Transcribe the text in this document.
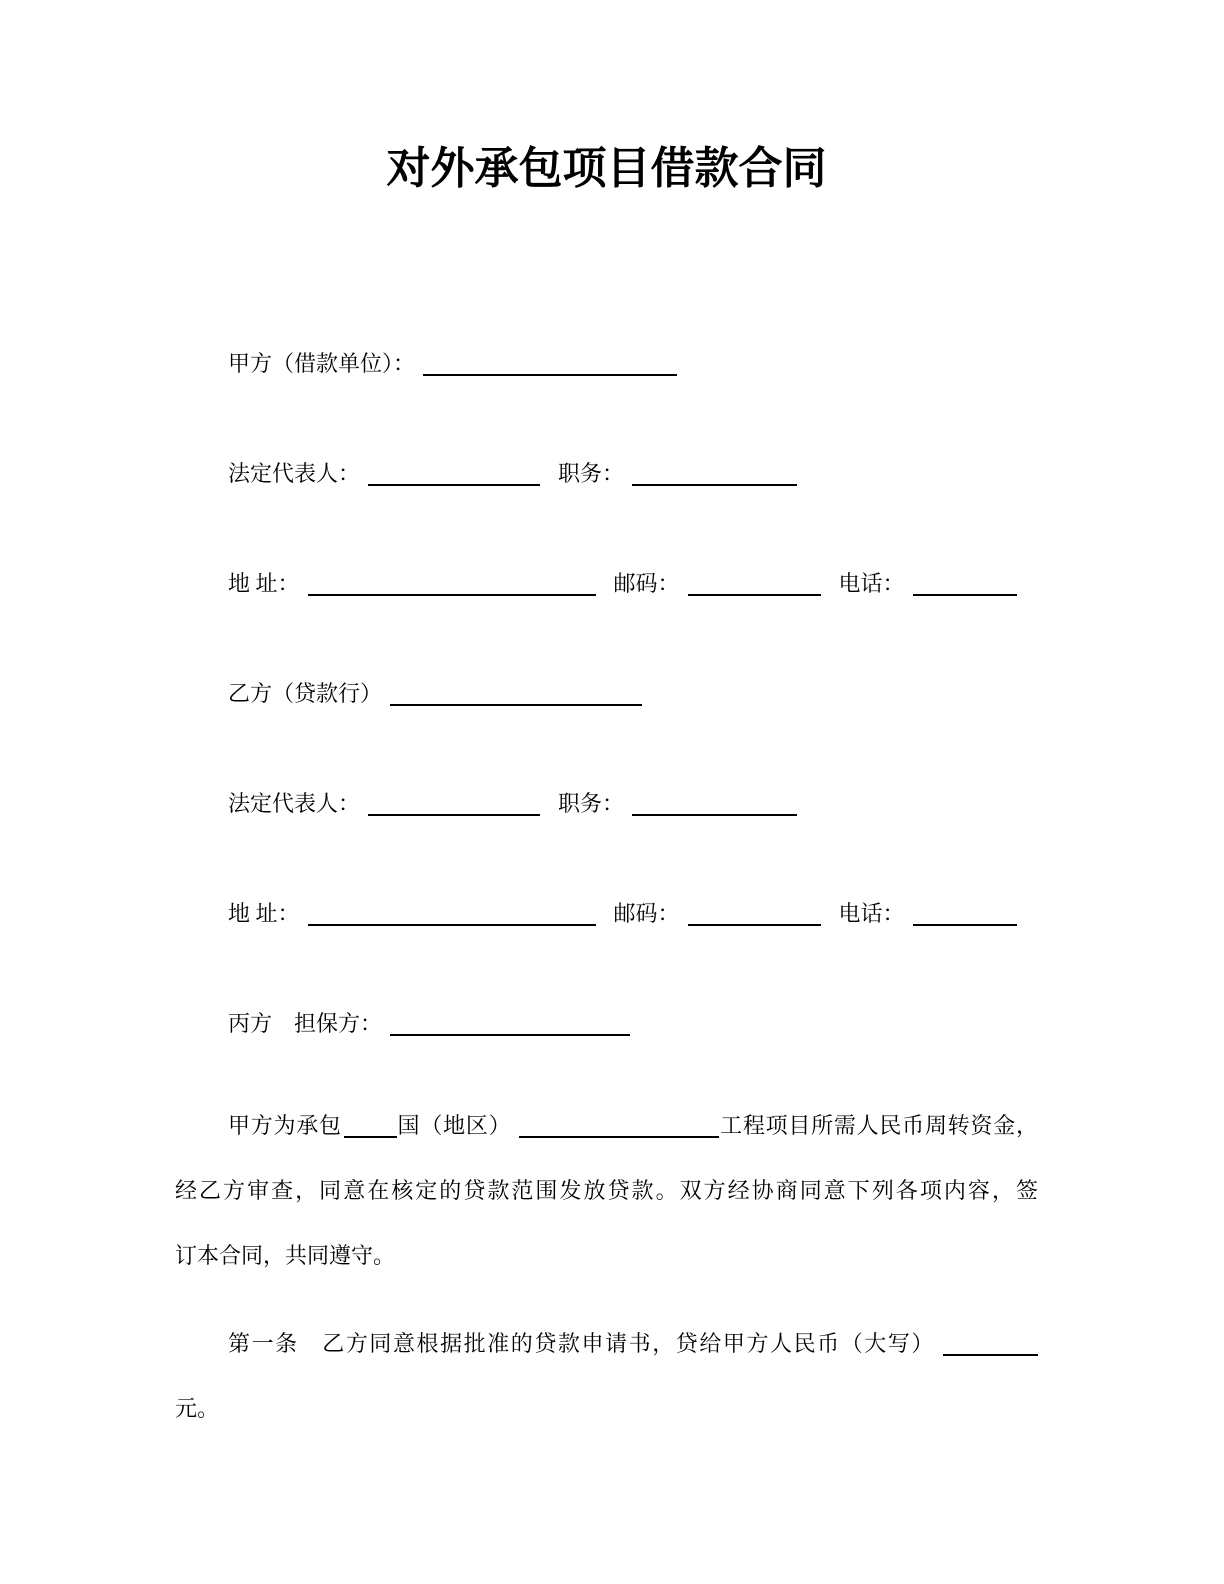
对外承包项目借款合同
甲方（借款单位）：
法定代表人：	职务：
地 址：	邮码：	电话：
乙方（贷款行）
法定代表人：	职务：
地 址：	邮码：	电话：
丙方　担保方：
甲方为承包	国（地区）	工程项目所需人民币周转资金，
经乙方审查，同意在核定的贷款范围发放贷款。双方经协商同意下列各项内容，签
订本合同，共同遵守。
第一条　乙方同意根据批准的贷款申请书，贷给甲方人民币（大写）
元。
